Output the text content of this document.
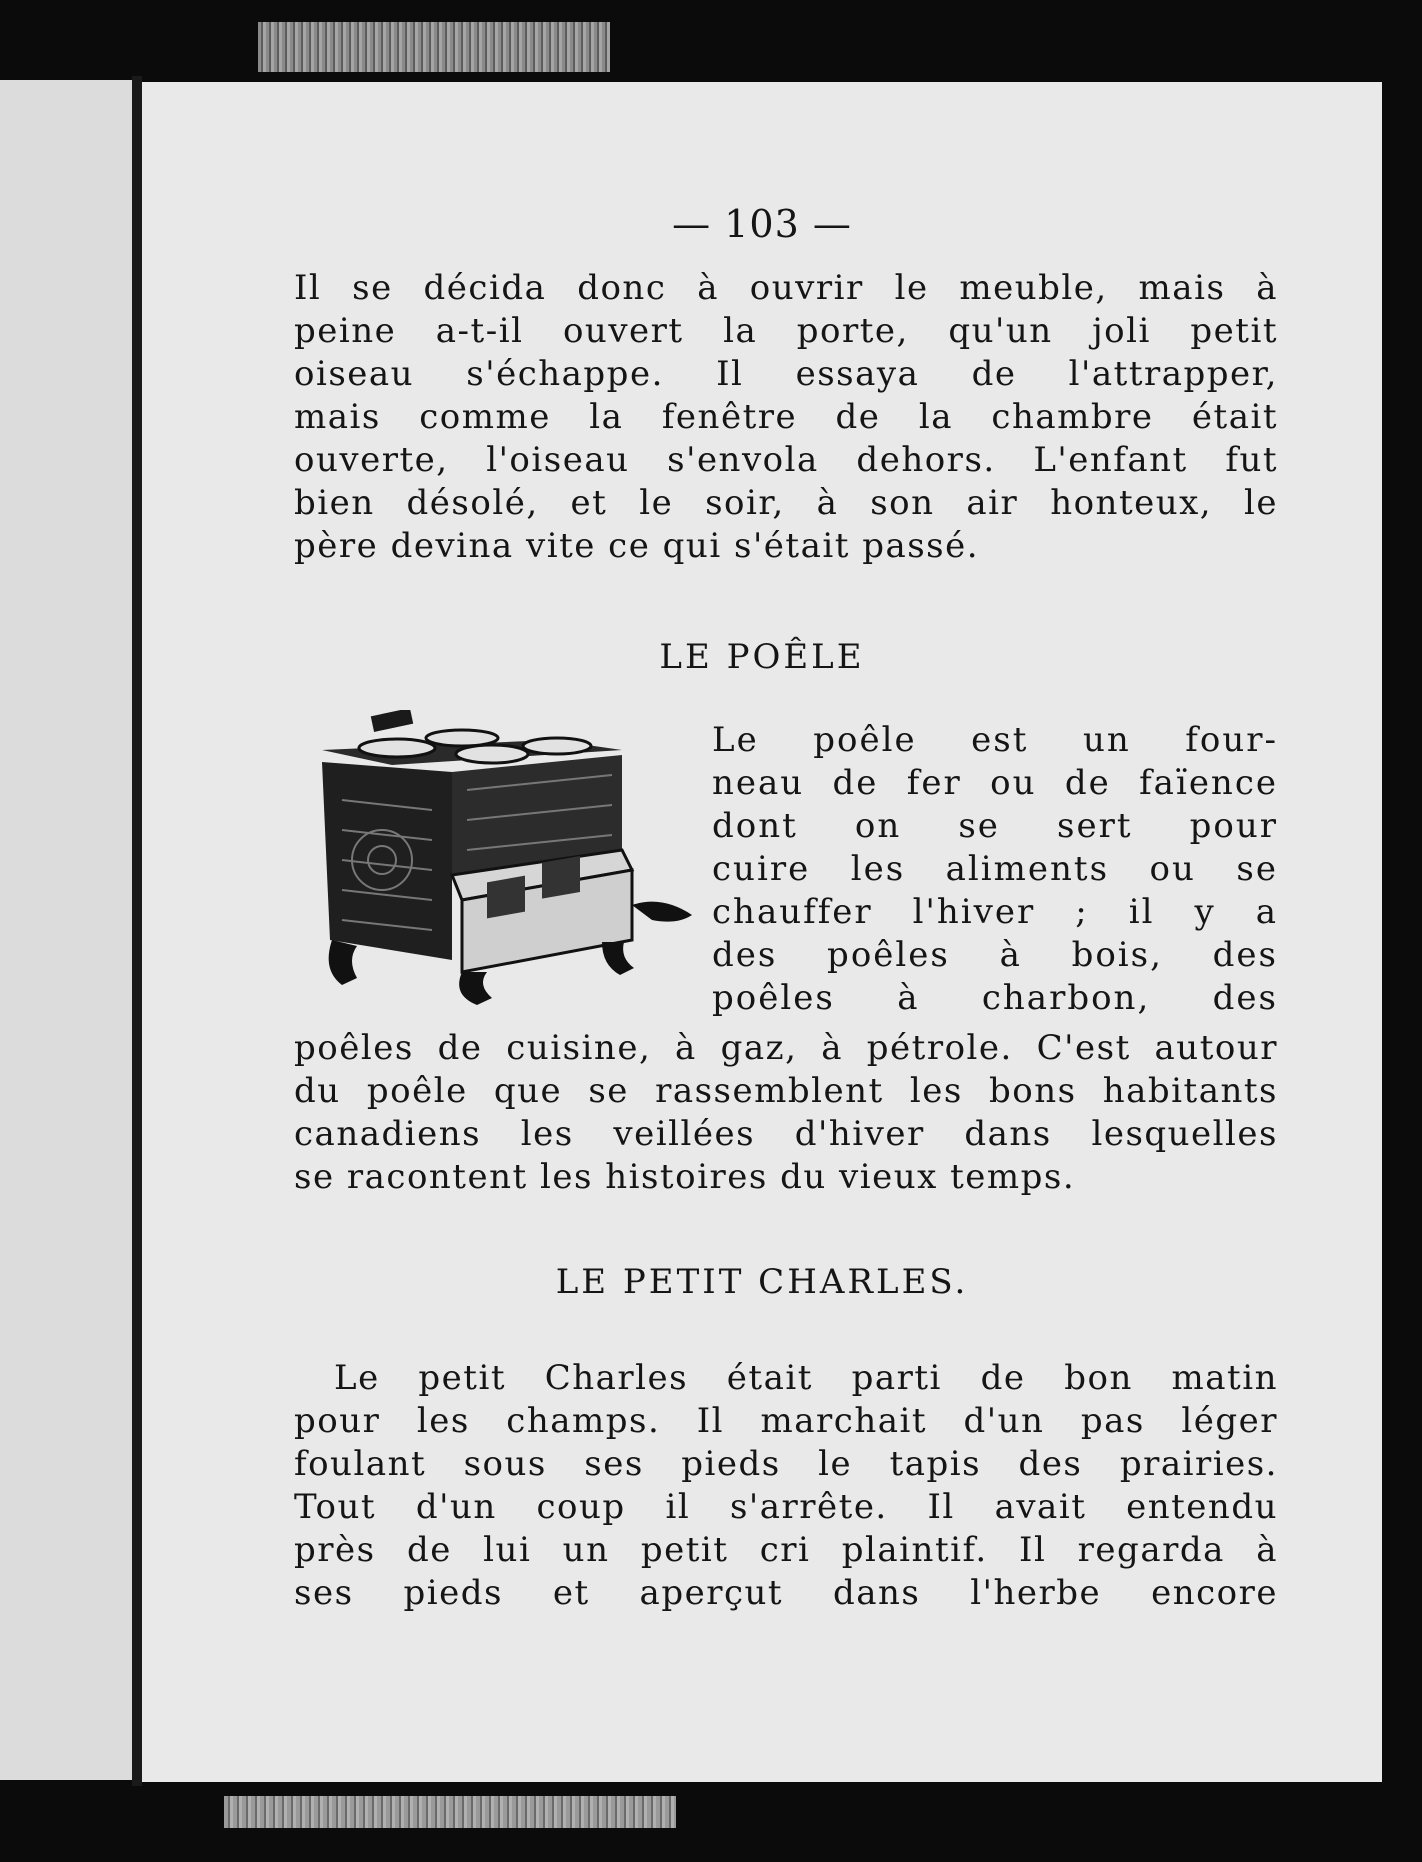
— 103 —

Il se décida donc à ouvrir le meuble, mais à

peine a-t-il ouvert la porte, qu'un joli petit

oiseau s'échappe. Il essaya de l'attrapper,

mais comme la fenêtre de la chambre était

ouverte, l'oiseau s'envola dehors. L'enfant fut

bien désolé, et le soir, à son air honteux, le

père devina vite ce qui s'était passé.

LE POÊLE

Le poêle est un four-

neau de fer ou de faïence

dont on se sert pour

cuire les aliments ou se

chauffer l'hiver ; il y a

des poêles à bois, des

poêles à charbon, des

poêles de cuisine, à gaz, à pétrole. C'est autour

du poêle que se rassemblent les bons habitants

canadiens les veillées d'hiver dans lesquelles

se racontent les histoires du vieux temps.

LE PETIT CHARLES.

Le petit Charles était parti de bon matin

pour les champs. Il marchait d'un pas léger

foulant sous ses pieds le tapis des prairies.

Tout d'un coup il s'arrête. Il avait entendu

près de lui un petit cri plaintif. Il regarda à

ses pieds et aperçut dans l'herbe encore
